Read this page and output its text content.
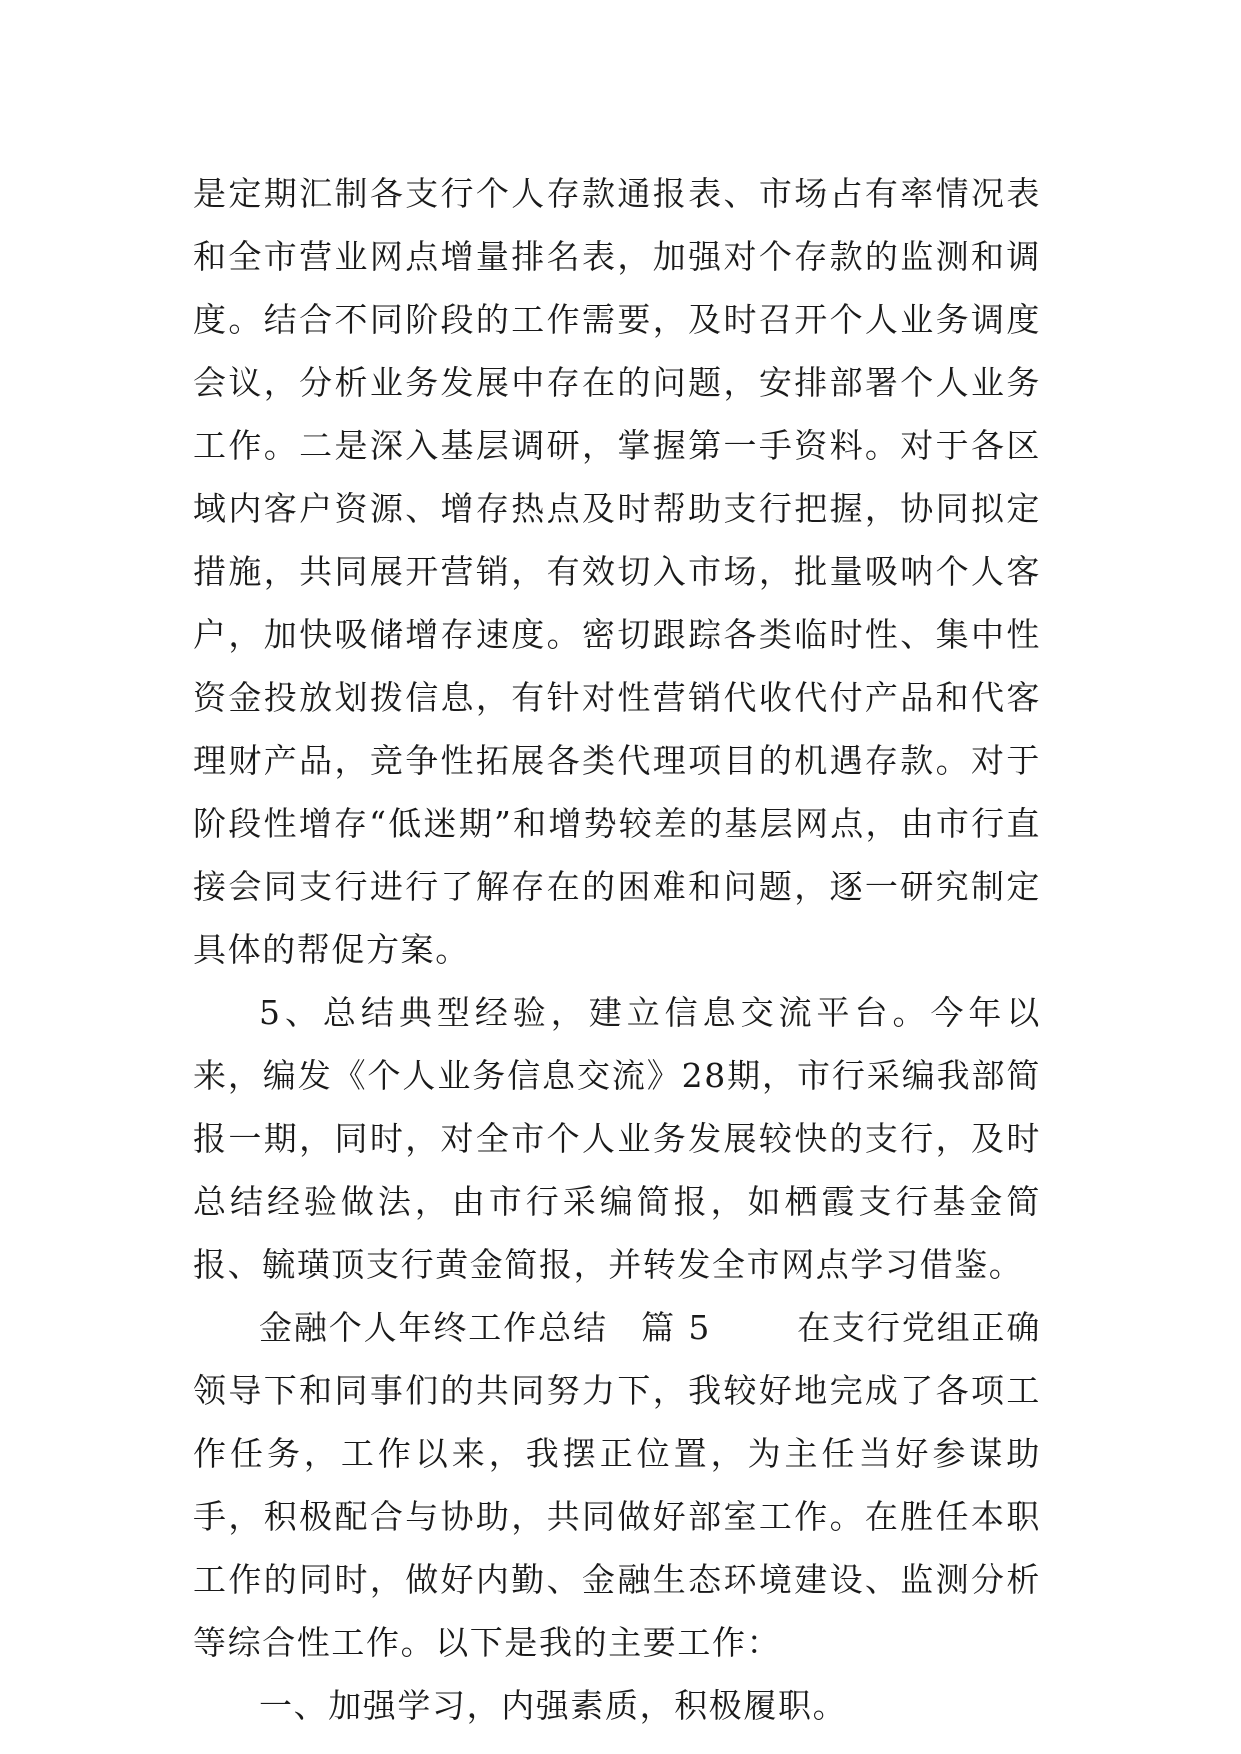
是定期汇制各支行个人存款通报表、市场占有率情况表和全市营业网点增量排名表，加强对个存款的监测和调度。结合不同阶段的工作需要，及时召开个人业务调度会议，分析业务发展中存在的问题，安排部署个人业务工作。二是深入基层调研，掌握第一手资料。对于各区域内客户资源、增存热点及时帮助支行把握，协同拟定措施，共同展开营销，有效切入市场，批量吸呐个人客户，加快吸储增存速度。密切跟踪各类临时性、集中性资金投放划拨信息，有针对性营销代收代付产品和代客理财产品，竞争性拓展各类代理项目的机遇存款。对于阶段性增存“低迷期”和增势较差的基层网点，由市行直接会同支行进行了解存在的困难和问题，逐一研究制定具体的帮促方案。

5、总结典型经验，建立信息交流平台。今年以来，编发《个人业务信息交流》28期，市行采编我部简报一期，同时，对全市个人业务发展较快的支行，及时总结经验做法，由市行采编简报，如栖霞支行基金简报、毓璜顶支行黄金简报，并转发全市网点学习借鉴。

金融个人年终工作总结 篇 5	在支行党组正确领导下和同事们的共同努力下，我较好地完成了各项工作任务，工作以来，我摆正位置，为主任当好参谋助手，积极配合与协助，共同做好部室工作。在胜任本职工作的同时，做好内勤、金融生态环境建设、监测分析等综合性工作。以下是我的主要工作：

一、加强学习，内强素质，积极履职。
